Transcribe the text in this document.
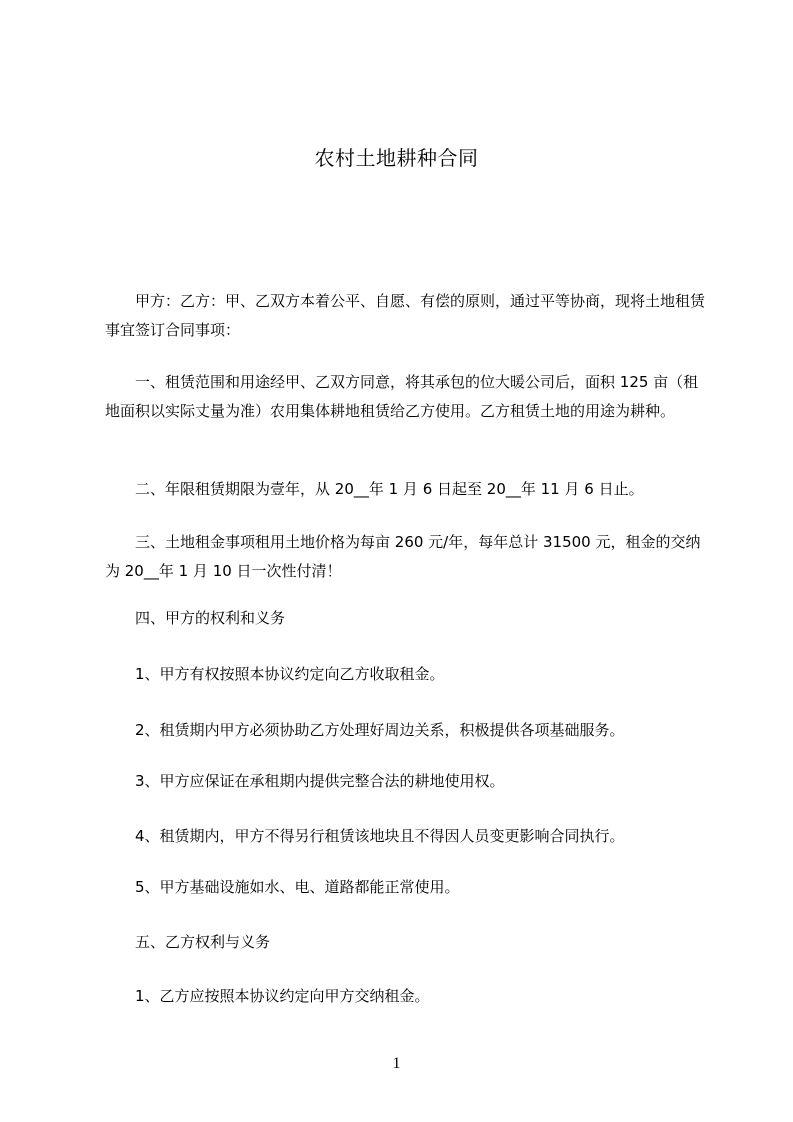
农村土地耕种合同

甲方：乙方：甲、乙双方本着公平、自愿、有偿的原则，通过平等协商，现将土地租赁事宜签订合同事项：

一、租赁范围和用途经甲、乙双方同意，将其承包的位大暖公司后，面积 125 亩（租地面积以实际丈量为准）农用集体耕地租赁给乙方使用。乙方租赁土地的用途为耕种。

二、年限租赁期限为壹年，从 20__年 1 月 6 日起至 20__年 11 月 6 日止。

三、土地租金事项租用土地价格为每亩 260 元/年，每年总计 31500 元，租金的交纳为 20__年 1 月 10 日一次性付清！

四、甲方的权利和义务

1、甲方有权按照本协议约定向乙方收取租金。

2、租赁期内甲方必须协助乙方处理好周边关系，积极提供各项基础服务。

3、甲方应保证在承租期内提供完整合法的耕地使用权。

4、租赁期内，甲方不得另行租赁该地块且不得因人员变更影响合同执行。

5、甲方基础设施如水、电、道路都能正常使用。

五、乙方权利与义务

1、乙方应按照本协议约定向甲方交纳租金。

1
